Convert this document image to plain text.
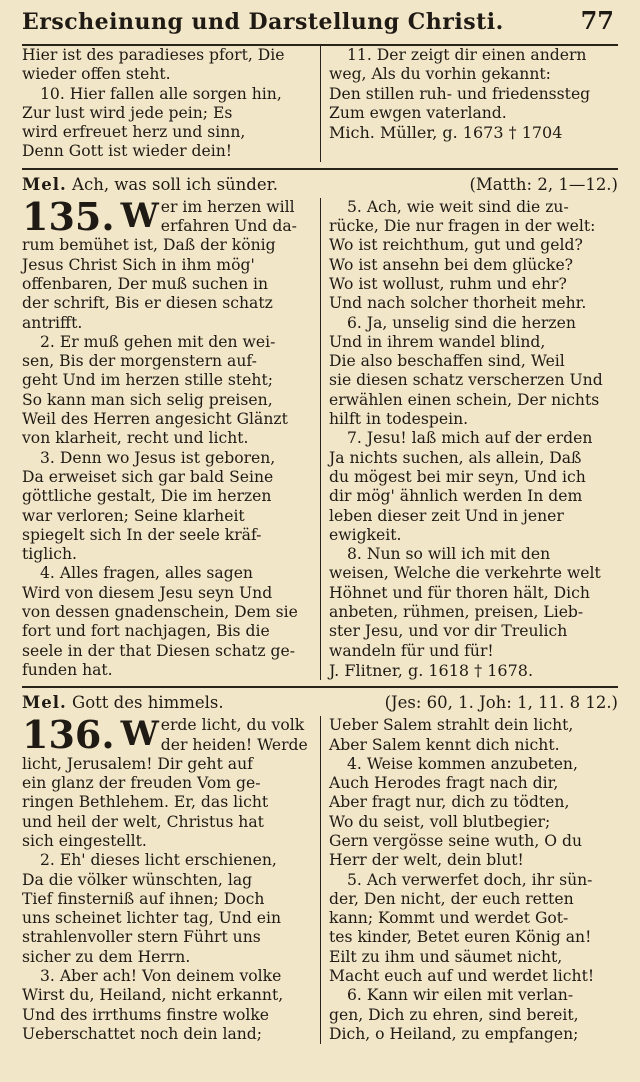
Erscheinung und Darstellung Christi.	77

Hier ist des paradieses pfort, Die

wieder offen steht.

10. Hier fallen alle sorgen hin,

Zur lust wird jede pein; Es

wird erfreuet herz und sinn,

Denn Gott ist wieder dein!

11. Der zeigt dir einen andern

weg, Als du vorhin gekannt:

Den stillen ruh- und friedenssteg

Zum ewgen vaterland.

Mich. Müller, g. 1673 † 1704

Mel. Ach, was soll ich sünder.	(Matth: 2, 1—12.)
135. W er im herzen will

erfahren Und da-

rum bemühet ist, Daß der könig

Jesus Christ Sich in ihm mög'

offenbaren, Der muß suchen in

der schrift, Bis er diesen schatz

antrifft.

2. Er muß gehen mit den wei-

sen, Bis der morgenstern auf-

geht Und im herzen stille steht;

So kann man sich selig preisen,

Weil des Herren angesicht Glänzt

von klarheit, recht und licht.

3. Denn wo Jesus ist geboren,

Da erweiset sich gar bald Seine

göttliche gestalt, Die im herzen

war verloren; Seine klarheit

spiegelt sich In der seele kräf-

tiglich.

4. Alles fragen, alles sagen

Wird von diesem Jesu seyn Und

von dessen gnadenschein, Dem sie

fort und fort nachjagen, Bis die

seele in der that Diesen schatz ge-

funden hat.

5. Ach, wie weit sind die zu-

rücke, Die nur fragen in der welt:

Wo ist reichthum, gut und geld?

Wo ist ansehn bei dem glücke?

Wo ist wollust, ruhm und ehr?

Und nach solcher thorheit mehr.

6. Ja, unselig sind die herzen

Und in ihrem wandel blind,

Die also beschaffen sind, Weil

sie diesen schatz verscherzen Und

erwählen einen schein, Der nichts

hilft in todespein.

7. Jesu! laß mich auf der erden

Ja nichts suchen, als allein, Daß

du mögest bei mir seyn, Und ich

dir mög' ähnlich werden In dem

leben dieser zeit Und in jener

ewigkeit.

8. Nun so will ich mit den

weisen, Welche die verkehrte welt

Höhnet und für thoren hält, Dich

anbeten, rühmen, preisen, Lieb-

ster Jesu, und vor dir Treulich

wandeln für und für!

J. Flitner, g. 1618 † 1678.

Mel. Gott des himmels.	(Jes: 60, 1. Joh: 1, 11. 8 12.)
136. W erde licht, du volk

der heiden! Werde

licht, Jerusalem! Dir geht auf

ein glanz der freuden Vom ge-

ringen Bethlehem. Er, das licht

und heil der welt, Christus hat

sich eingestellt.

2. Eh' dieses licht erschienen,

Da die völker wünschten, lag

Tief finsterniß auf ihnen; Doch

uns scheinet lichter tag, Und ein

strahlenvoller stern Führt uns

sicher zu dem Herrn.

3. Aber ach! Von deinem volke

Wirst du, Heiland, nicht erkannt,

Und des irrthums finstre wolke

Ueberschattet noch dein land;

Ueber Salem strahlt dein licht,

Aber Salem kennt dich nicht.

4. Weise kommen anzubeten,

Auch Herodes fragt nach dir,

Aber fragt nur, dich zu tödten,

Wo du seist, voll blutbegier;

Gern vergösse seine wuth, O du

Herr der welt, dein blut!

5. Ach verwerfet doch, ihr sün-

der, Den nicht, der euch retten

kann; Kommt und werdet Got-

tes kinder, Betet euren König an!

Eilt zu ihm und säumet nicht,

Macht euch auf und werdet licht!

6. Kann wir eilen mit verlan-

gen, Dich zu ehren, sind bereit,

Dich, o Heiland, zu empfangen;
